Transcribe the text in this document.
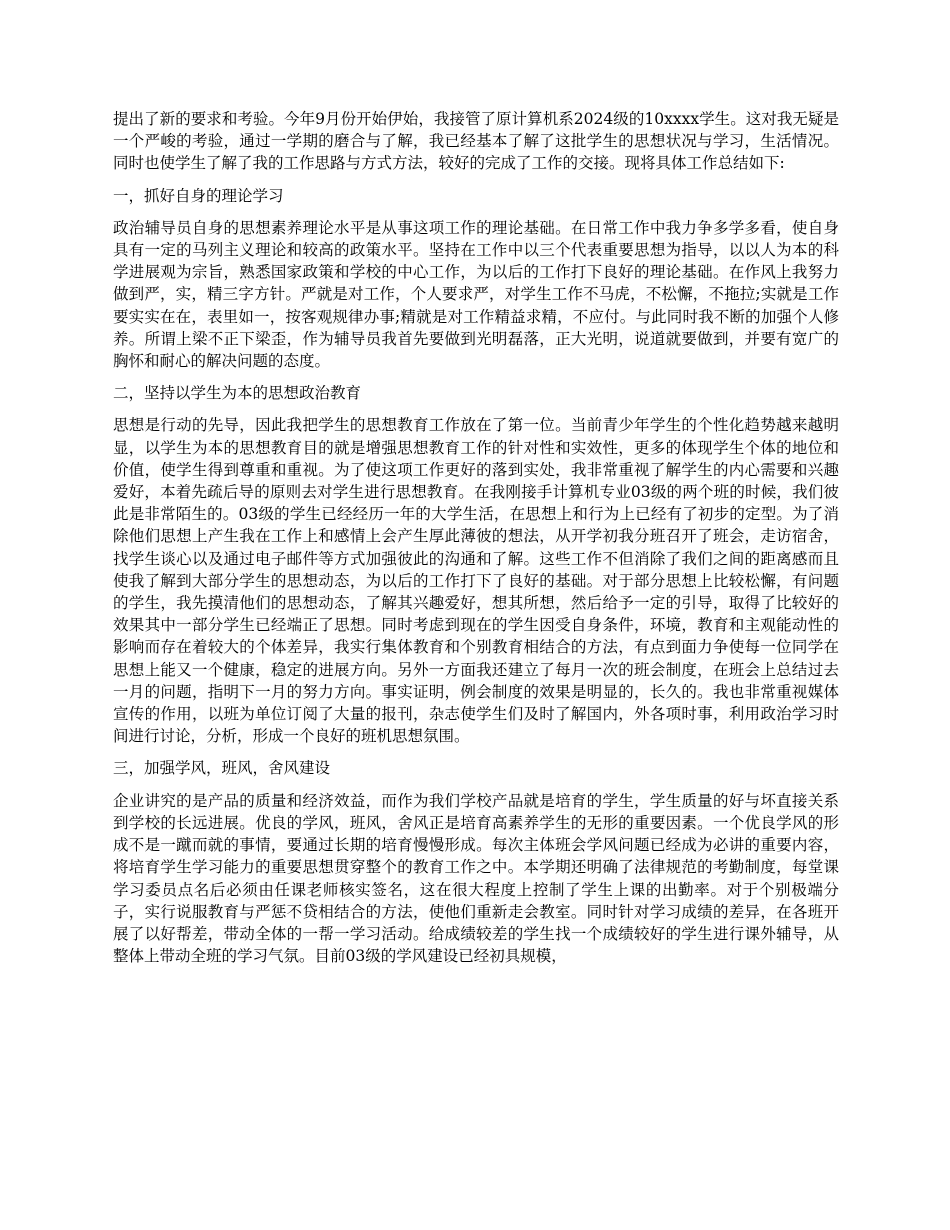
提出了新的要求和考验。今年9月份开始伊始，我接管了原计算机系2024级的10xxxx学生。这对我无疑是一个严峻的考验，通过一学期的磨合与了解，我已经基本了解了这批学生的思想状况与学习，生活情况。同时也使学生了解了我的工作思路与方式方法，较好的完成了工作的交接。现将具体工作总结如下:

一，抓好自身的理论学习

政治辅导员自身的思想素养理论水平是从事这项工作的理论基础。在日常工作中我力争多学多看，使自身具有一定的马列主义理论和较高的政策水平。坚持在工作中以三个代表重要思想为指导，以以人为本的科学进展观为宗旨，熟悉国家政策和学校的中心工作，为以后的工作打下良好的理论基础。在作风上我努力做到严，实，精三字方针。严就是对工作，个人要求严，对学生工作不马虎，不松懈，不拖拉;实就是工作要实实在在，表里如一，按客观规律办事;精就是对工作精益求精，不应付。与此同时我不断的加强个人修养。所谓上梁不正下梁歪，作为辅导员我首先要做到光明磊落，正大光明，说道就要做到，并要有宽广的胸怀和耐心的解决问题的态度。

二，坚持以学生为本的思想政治教育

思想是行动的先导，因此我把学生的思想教育工作放在了第一位。当前青少年学生的个性化趋势越来越明显，以学生为本的思想教育目的就是增强思想教育工作的针对性和实效性，更多的体现学生个体的地位和价值，使学生得到尊重和重视。为了使这项工作更好的落到实处，我非常重视了解学生的内心需要和兴趣爱好，本着先疏后导的原则去对学生进行思想教育。在我刚接手计算机专业03级的两个班的时候，我们彼此是非常陌生的。03级的学生已经经历一年的大学生活，在思想上和行为上已经有了初步的定型。为了消除他们思想上产生我在工作上和感情上会产生厚此薄彼的想法，从开学初我分班召开了班会，走访宿舍，找学生谈心以及通过电子邮件等方式加强彼此的沟通和了解。这些工作不但消除了我们之间的距离感而且使我了解到大部分学生的思想动态，为以后的工作打下了良好的基础。对于部分思想上比较松懈，有问题的学生，我先摸清他们的思想动态，了解其兴趣爱好，想其所想，然后给予一定的引导，取得了比较好的效果其中一部分学生已经端正了思想。同时考虑到现在的学生因受自身条件，环境，教育和主观能动性的影响而存在着较大的个体差异，我实行集体教育和个别教育相结合的方法，有点到面力争使每一位同学在思想上能又一个健康，稳定的进展方向。另外一方面我还建立了每月一次的班会制度，在班会上总结过去一月的问题，指明下一月的努力方向。事实证明，例会制度的效果是明显的，长久的。我也非常重视媒体宣传的作用，以班为单位订阅了大量的报刊，杂志使学生们及时了解国内，外各项时事，利用政治学习时间进行讨论，分析，形成一个良好的班机思想氛围。

三，加强学风，班风，舍风建设

企业讲究的是产品的质量和经济效益，而作为我们学校产品就是培育的学生，学生质量的好与坏直接关系到学校的长远进展。优良的学风，班风，舍风正是培育高素养学生的无形的重要因素。一个优良学风的形成不是一蹴而就的事情，要通过长期的培育慢慢形成。每次主体班会学风问题已经成为必讲的重要内容，将培育学生学习能力的重要思想贯穿整个的教育工作之中。本学期还明确了法律规范的考勤制度，每堂课学习委员点名后必须由任课老师核实签名，这在很大程度上控制了学生上课的出勤率。对于个别极端分子，实行说服教育与严惩不贷相结合的方法，使他们重新走会教室。同时针对学习成绩的差异，在各班开展了以好帮差，带动全体的一帮一学习活动。给成绩较差的学生找一个成绩较好的学生进行课外辅导，从整体上带动全班的学习气氛。目前03级的学风建设已经初具规模，
